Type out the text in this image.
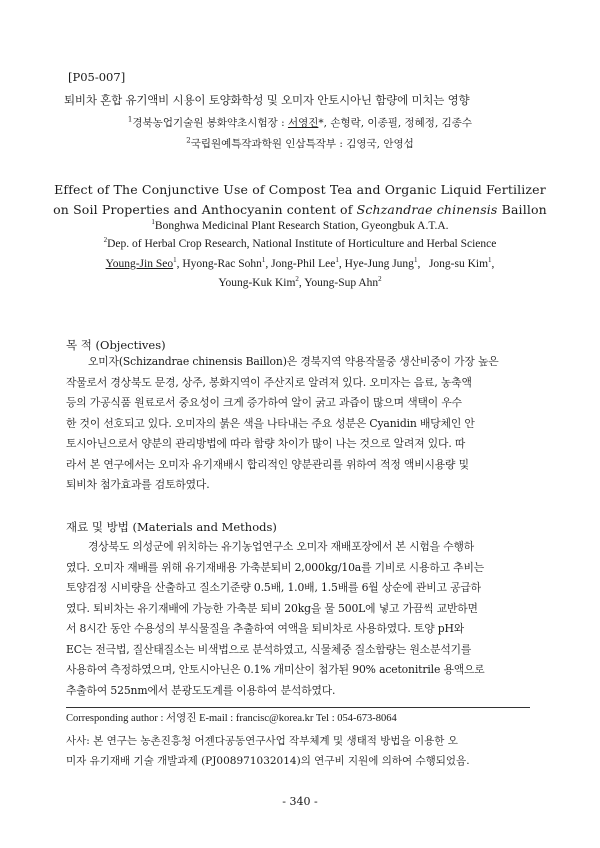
[P05-007]
퇴비차 혼합 유기액비 시용이 토양화학성 및 오미자 안토시아닌 함량에 미치는 영향
$^1$경북농업기술원 봉화약초시험장 : 서영진*, 손형락, 이종필, 정혜정, 김종수
$^2$국립원예특작과학원 인삼특작부 : 김영국, 안영섭
Effect of The Conjunctive Use of Compost Tea and Organic Liquid Fertilizer
on Soil Properties and Anthocyanin content of Schzandrae chinensis Baillon
$^1$Bonghwa Medicinal Plant Research Station, Gyeongbuk A.T.A.
$^2$Dep. of Herbal Crop Research, National Institute of Horticulture and Herbal Science
Young-Jin Seo$^1$, Hyong-Rac Sohn$^1$, Jong-Phil Lee$^1$, Hye-Jung Jung$^1$,   Jong-su Kim$^1$,
Young-Kuk Kim$^2$, Young-Sup Ahn$^2$
목 적 (Objectives)
오미자(Schizandrae chinensis Baillon)은 경북지역 약용작물중 생산비중이 가장 높은
작물로서 경상북도 문경, 상주, 봉화지역이 주산지로 알려져 있다. 오미자는 음료, 농축액
등의 가공식품 원료로서 중요성이 크게 증가하여 알이 굵고 과즙이 많으며 색택이 우수
한 것이 선호되고 있다. 오미자의 붉은 색을 나타내는 주요 성분은 Cyanidin 배당체인 안
토시아닌으로서 양분의 관리방법에 따라 함량 차이가 많이 나는 것으로 알려져 있다. 따
라서 본 연구에서는 오미자 유기재배시 합리적인 양분관리를 위하여 적정 액비시용량 및
퇴비차 첨가효과를 검토하였다.
재료 및 방법 (Materials and Methods)
경상북도 의성군에 위치하는 유기농업연구소 오미자 재배포장에서 본 시험을 수행하
였다. 오미자 재배를 위해 유기재배용 가축분퇴비 2,000kg/10a를 기비로 시용하고 추비는
토양검정 시비량을 산출하고 질소기준량 0.5배, 1.0배, 1.5배를 6월 상순에 관비고 공급하
였다. 퇴비차는 유기재배에 가능한 가축분 퇴비 20kg을 물 500L에 넣고 가끔씩 교반하면
서 8시간 동안 수용성의 부식물질을 추출하여 여액을 퇴비차로 사용하였다. 토양 pH와
EC는 전극법, 질산태질소는 비색법으로 분석하였고, 식물체중 질소함량는 원소분석기를
사용하여 측정하였으며, 안토시아닌은 0.1% 개미산이 첨가된 90% acetonitrile 용액으로
추출하여 525nm에서 분광도도계를 이용하여 분석하였다.
Corresponding author : 서영진 E-mail : francisc@korea.kr Tel : 054-673-8064
사사: 본 연구는 농촌진흥청 어젠다공동연구사업 작부체계 및 생태적 방법을 이용한 오
미자 유기재배 기술 개발과제 (PJ008971032014)의 연구비 지원에 의하여 수행되었음.
- 340 -
